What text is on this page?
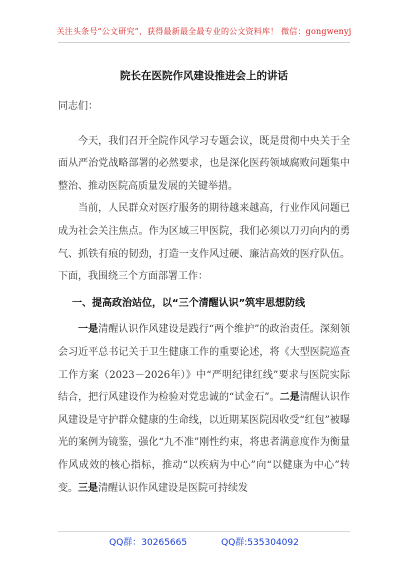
关注头条号“公文研究”，获得最新最全最专业的公文资料库！ 微信：gongwenyj
院长在医院作风建设推进会上的讲话

同志们：

今天，我们召开全院作风学习专题会议，既是贯彻中央关于全面从严治党战略部署的必然要求，也是深化医药领域腐败问题集中整治、推动医院高质量发展的关键举措。

当前，人民群众对医疗服务的期待越来越高，行业作风问题已成为社会关注焦点。作为区域三甲医院，我们必须以刀刃向内的勇气、抓铁有痕的韧劲，打造一支作风过硬、廉洁高效的医疗队伍。下面，我围绕三个方面部署工作：

一、提高政治站位，以“三个清醒认识”筑牢思想防线

一是清醒认识作风建设是践行“两个维护”的政治责任。深刻领会习近平总书记关于卫生健康工作的重要论述，将《大型医院巡查工作方案（2023－2026年）》中“严明纪律红线”要求与医院实际结合，把行风建设作为检验对党忠诚的“试金石”。二是清醒认识作风建设是守护群众健康的生命线，以近期某医院因收受“红包”被曝光的案例为镜鉴，强化“九不准”刚性约束，将患者满意度作为衡量作风成效的核心指标，推动“以疾病为中心”向“以健康为中心”转变。三是清醒认识作风建设是医院可持续发

QQ群：30265665	QQ群:535304092
